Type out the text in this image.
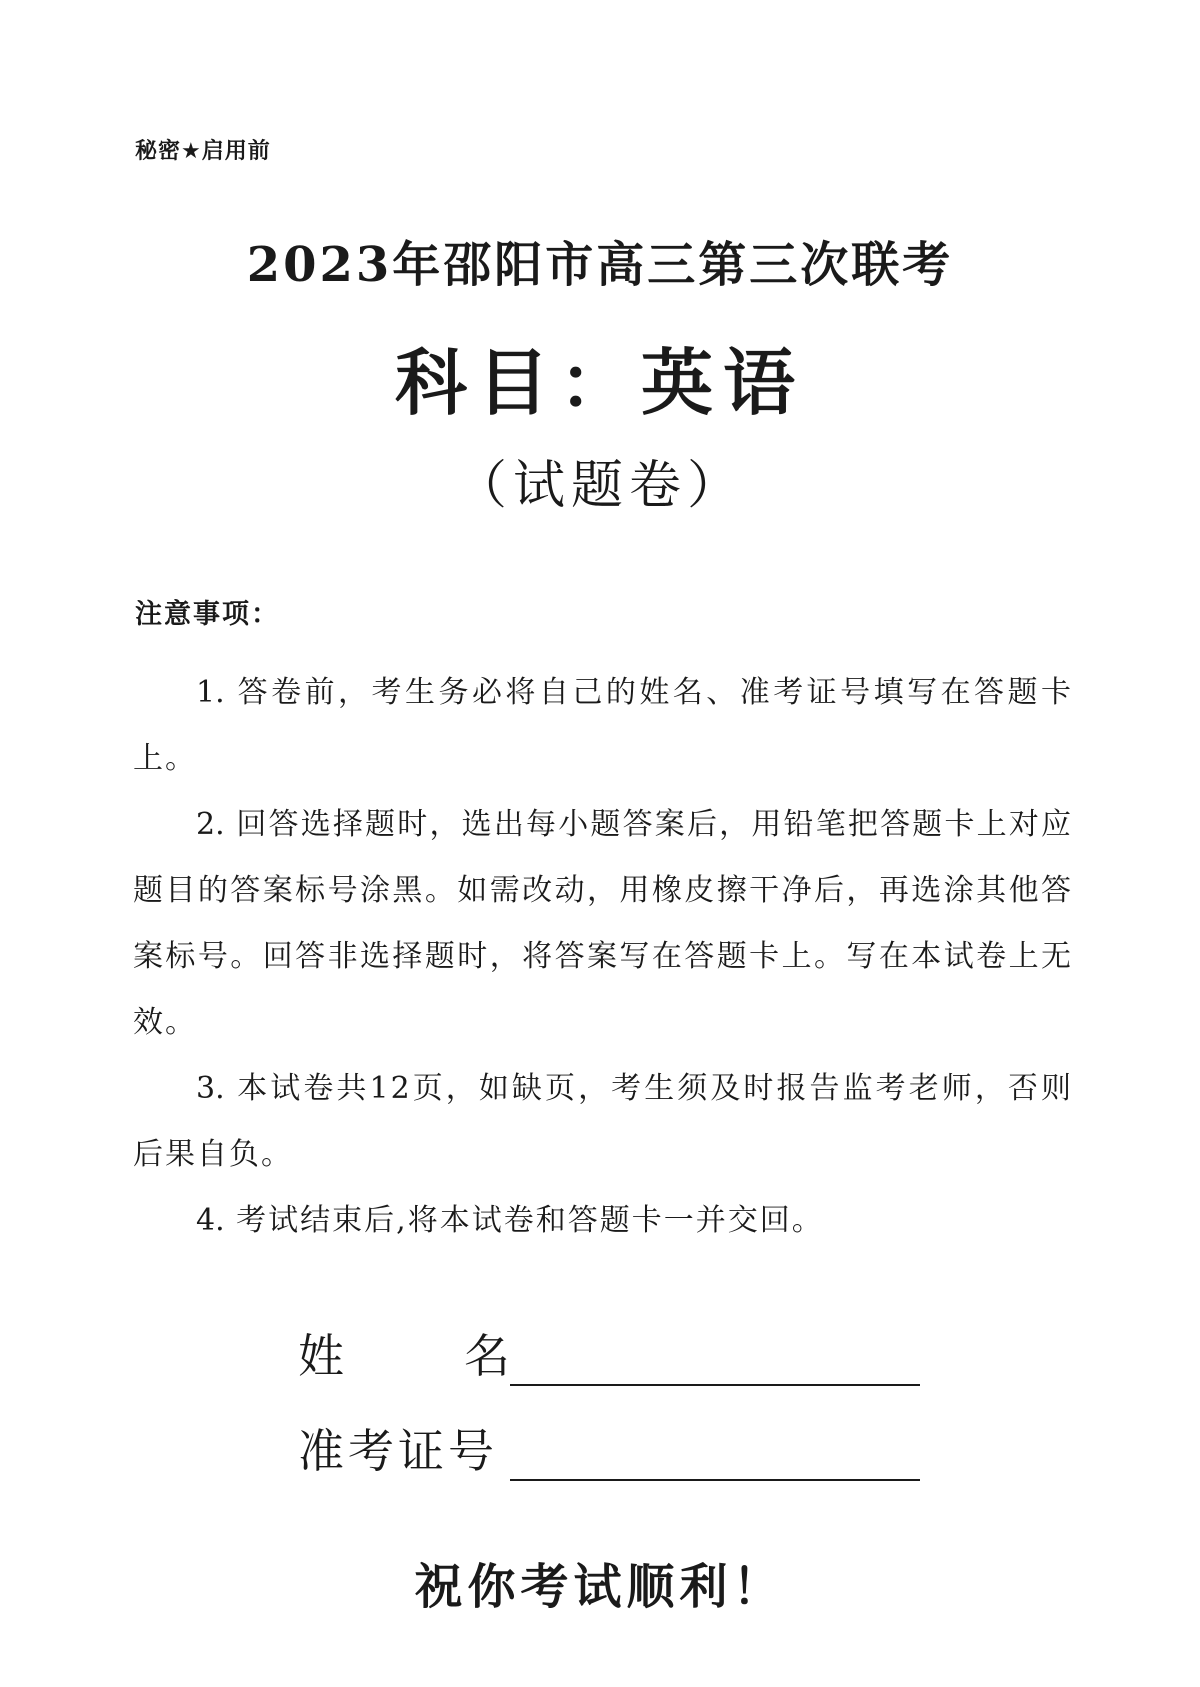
秘密★启用前
2023年邵阳市高三第三次联考
科目：英语
（试题卷）
注意事项：

1. 答卷前，考生务必将自己的姓名、准考证号填写在答题卡上。

2. 回答选择题时，选出每小题答案后，用铅笔把答题卡上对应题目的答案标号涂黑。如需改动，用橡皮擦干净后，再选涂其他答案标号。回答非选择题时，将答案写在答题卡上。写在本试卷上无效。

3. 本试卷共12页，如缺页，考生须及时报告监考老师，否则后果自负。

4. 考试结束后,将本试卷和答题卡一并交回。

姓	名
准考证号
祝你考试顺利！
